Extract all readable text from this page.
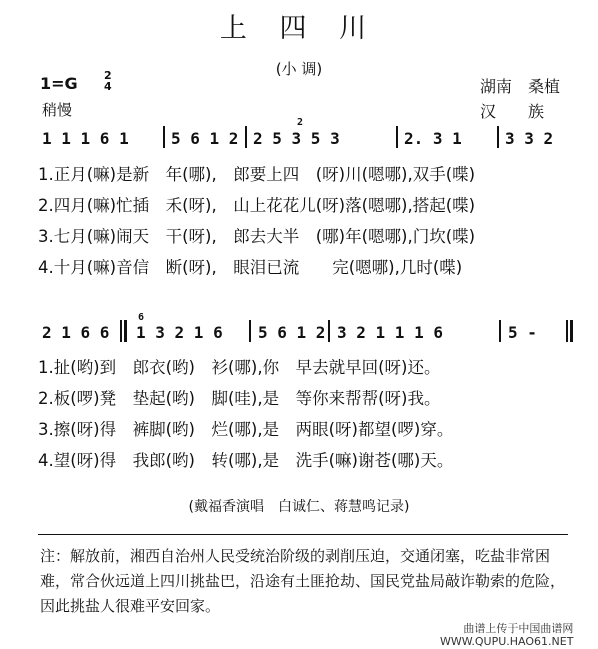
上 四 川
(小 调)
1=G 2
4
稍慢
湖南　桑植
汉　　族
1 1 1 6 1	5 6 1 2 2 5 3 5 3
2
2. 3 1	3 3 2
1.正月(嘛)是新　年(哪),　郎要上四　(呀)川(嗯哪),双手(喋)
2.四月(嘛)忙插　禾(呀),　山上花花儿(呀)落(嗯哪),搭起(喋)
3.七月(嘛)闹天　干(呀),　郎去大半　(哪)年(嗯哪),门坎(喋)
4.十月(嘛)音信　断(呀),　眼泪已流　　完(嗯哪),几时(喋)
2 1 6 6
6
1 3 2 1 6 5 6 1 2 3 2 1 1 1 6	5 -
1.扯(哟)到　郎衣(哟)　衫(哪),你　早去就早回(呀)还。
2.板(啰)凳　垫起(哟)　脚(哇),是　等你来帮帮(呀)我。
3.擦(呀)得　裤脚(哟)　烂(哪),是　两眼(呀)都望(啰)穿。
4.望(呀)得　我郎(哟)　转(哪),是　洗手(嘛)谢苍(哪)天。
(戴福香演唱　白诚仁、蒋慧鸣记录)
注：解放前，湘西自治州人民受统治阶级的剥削压迫，交通闭塞，吃盐非常困难，常合伙远道上四川挑盐巴，沿途有土匪抢劫、国民党盐局敲诈勒索的危险，因此挑盐人很难平安回家。
曲谱上传于中国曲谱网
WWW.QUPU.HAO61.NET
